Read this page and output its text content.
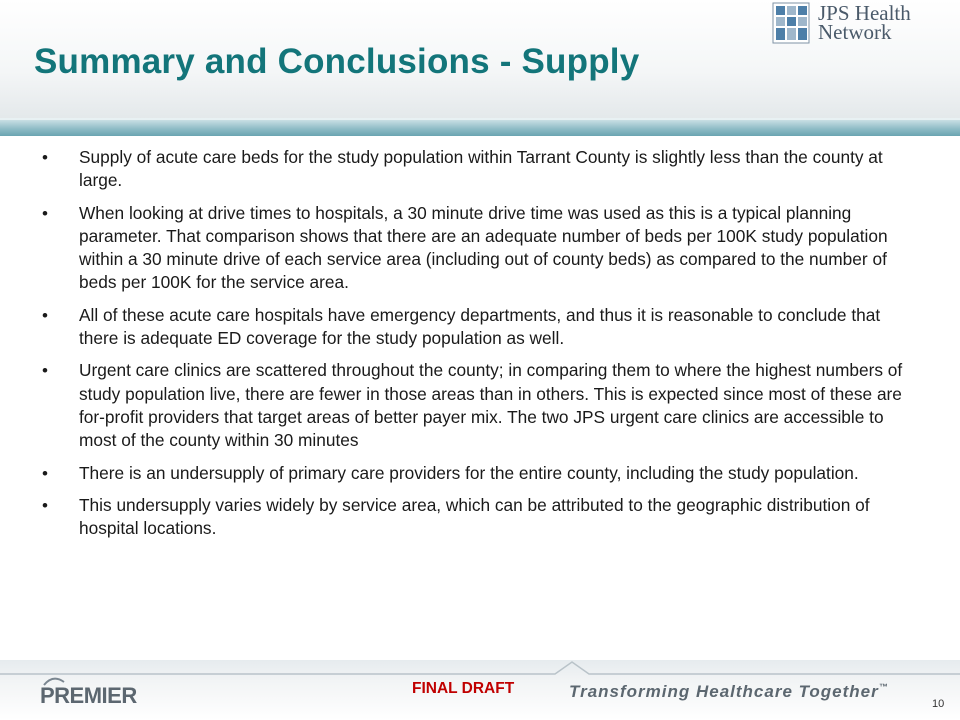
Summary and Conclusions - Supply
JPS Health
Network
• Supply of acute care beds for the study population within Tarrant County is slightly less than the county at large.
• When looking at drive times to hospitals, a 30 minute drive time was used as this is a typical planning parameter. That comparison shows that there are an adequate number of beds per 100K study population within a 30 minute drive of each service area (including out of county beds) as compared to the number of beds per 100K for the service area.
• All of these acute care hospitals have emergency departments, and thus it is reasonable to conclude that there is adequate ED coverage for the study population as well.
• Urgent care clinics are scattered throughout the county; in comparing them to where the highest numbers of study population live, there are fewer in those areas than in others. This is expected since most of these are for-profit providers that target areas of better payer mix. The two JPS urgent care clinics are accessible to most of the county within 30 minutes
• There is an undersupply of primary care providers for the entire county, including the study population.
• This undersupply varies widely by service area, which can be attributed to the geographic distribution of hospital locations.
PREMIER	FINAL DRAFT	Transforming Healthcare Together™
10
